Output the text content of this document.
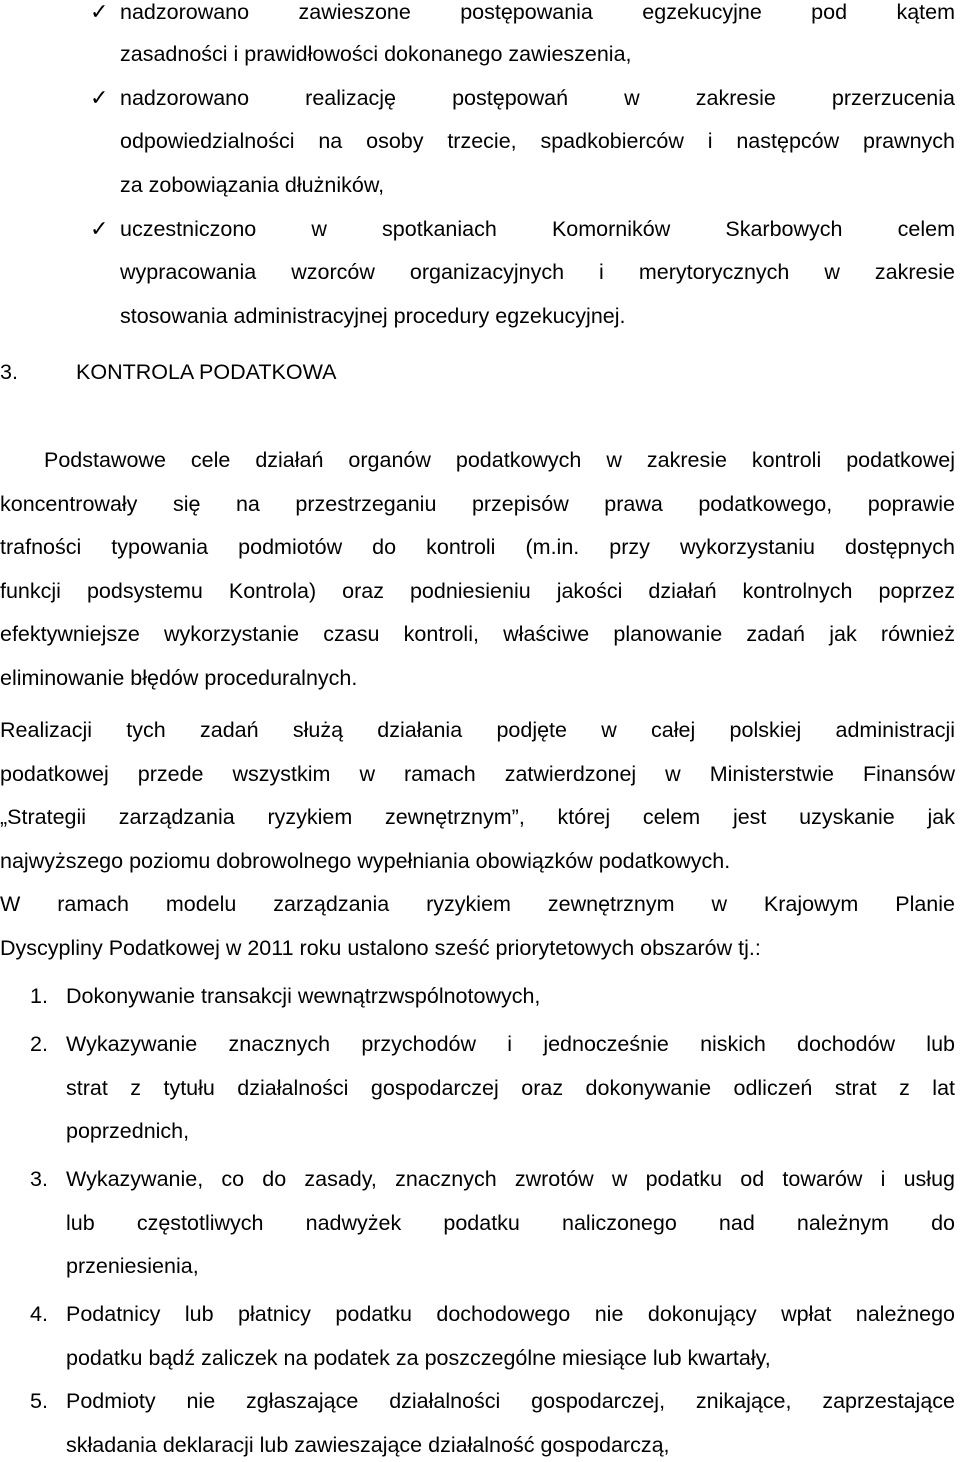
✓ nadzorowano zawieszone postępowania egzekucyjne pod kątem
zasadności i prawidłowości dokonanego zawieszenia,
✓ nadzorowano realizację postępowań w zakresie przerzucenia
odpowiedzialności na osoby trzecie, spadkobierców i następców prawnych
za zobowiązania dłużników,
✓ uczestniczono w spotkaniach Komorników Skarbowych celem
wypracowania wzorców organizacyjnych i merytorycznych w zakresie
stosowania administracyjnej procedury egzekucyjnej.
3.	KONTROLA PODATKOWA
Podstawowe cele działań organów podatkowych w zakresie kontroli podatkowej
koncentrowały się na przestrzeganiu przepisów prawa podatkowego, poprawie
trafności typowania podmiotów do kontroli (m.in. przy wykorzystaniu dostępnych
funkcji podsystemu Kontrola) oraz podniesieniu jakości działań kontrolnych poprzez
efektywniejsze wykorzystanie czasu kontroli, właściwe planowanie zadań jak również
eliminowanie błędów proceduralnych.
Realizacji tych zadań służą działania podjęte w całej polskiej administracji
podatkowej przede wszystkim w ramach zatwierdzonej w Ministerstwie Finansów
„Strategii zarządzania ryzykiem zewnętrznym”, której celem jest uzyskanie jak
najwyższego poziomu dobrowolnego wypełniania obowiązków podatkowych.
W ramach modelu zarządzania ryzykiem zewnętrznym w Krajowym Planie
Dyscypliny Podatkowej w 2011 roku ustalono sześć priorytetowych obszarów tj.:
1. Dokonywanie transakcji wewnątrzwspólnotowych,
2. Wykazywanie znacznych przychodów i jednocześnie niskich dochodów lub
strat z tytułu działalności gospodarczej oraz dokonywanie odliczeń strat z lat
poprzednich,
3. Wykazywanie, co do zasady, znacznych zwrotów w podatku od towarów i usług
lub częstotliwych nadwyżek podatku naliczonego nad należnym do
przeniesienia,
4. Podatnicy lub płatnicy podatku dochodowego nie dokonujący wpłat należnego
podatku bądź zaliczek na podatek za poszczególne miesiące lub kwartały,
5. Podmioty nie zgłaszające działalności gospodarczej, znikające, zaprzestające
składania deklaracji lub zawieszające działalność gospodarczą,
